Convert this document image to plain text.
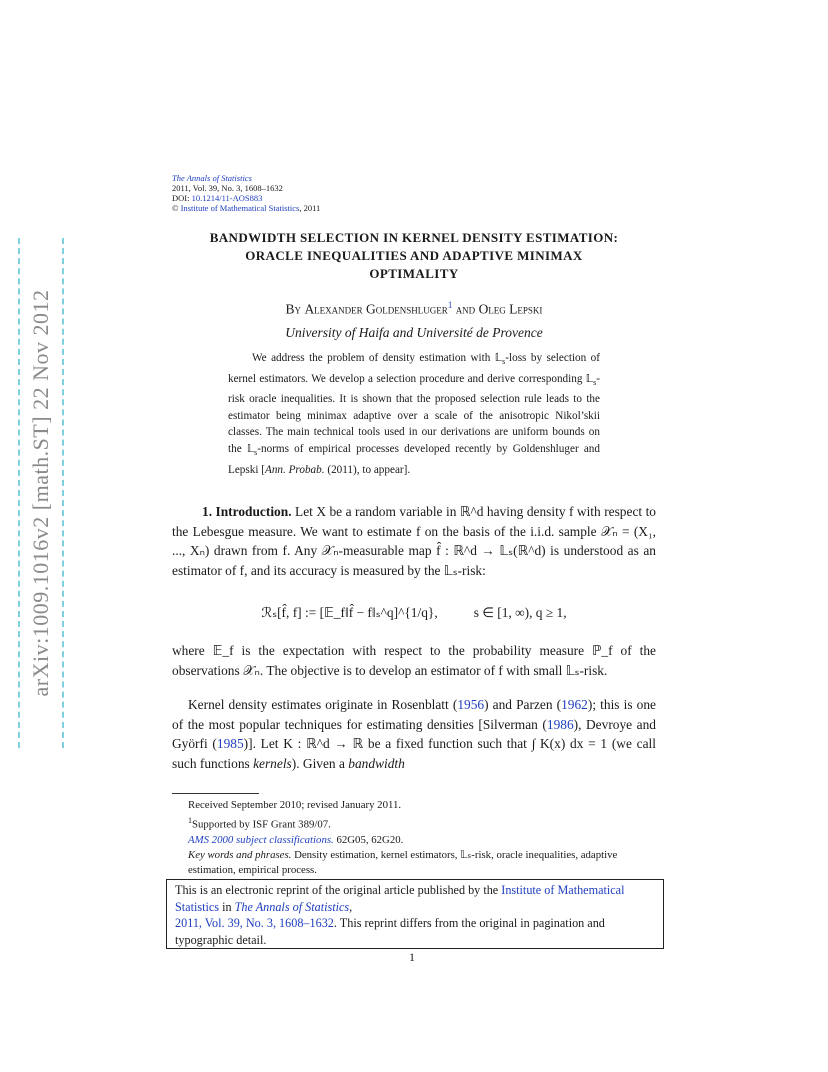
arXiv:1009.1016v2 [math.ST] 22 Nov 2012
The Annals of Statistics
2011, Vol. 39, No. 3, 1608–1632
DOI: 10.1214/11-AOS883
© Institute of Mathematical Statistics, 2011
BANDWIDTH SELECTION IN KERNEL DENSITY ESTIMATION:
ORACLE INEQUALITIES AND ADAPTIVE MINIMAX
OPTIMALITY
By Alexander Goldenshluger$^1$ and Oleg Lepski
University of Haifa and Université de Provence
We address the problem of density estimation with 𝕃$_s$-loss by selection of kernel estimators. We develop a selection procedure and derive corresponding 𝕃$_s$-risk oracle inequalities. It is shown that the proposed selection rule leads to the estimator being minimax adaptive over a scale of the anisotropic Nikol’skii classes. The main technical tools used in our derivations are uniform bounds on the 𝕃$_s$-norms of empirical processes developed recently by Goldenshluger and Lepski [Ann. Probab. (2011), to appear].
1. Introduction. Let X be a random variable in ℝ^d having density f with respect to the Lebesgue measure. We want to estimate f on the basis of the i.i.d. sample 𝒳ₙ = (X₁, ..., Xₙ) drawn from f. Any 𝒳ₙ-measurable map f̂ : ℝ^d → 𝕃ₛ(ℝ^d) is understood as an estimator of f, and its accuracy is measured by the 𝕃ₛ-risk:
ℛₛ[f̂, f] := [𝔼_f‖f̂ − f‖ₛ^q]^{1/q},	s ∈ [1, ∞), q ≥ 1,
where 𝔼_f is the expectation with respect to the probability measure ℙ_f of the observations 𝒳ₙ. The objective is to develop an estimator of f with small 𝕃ₛ-risk.
Kernel density estimates originate in Rosenblatt (1956) and Parzen (1962); this is one of the most popular techniques for estimating densities [Silverman (1986), Devroye and Györfi (1985)]. Let K : ℝ^d → ℝ be a fixed function such that ∫ K(x) dx = 1 (we call such functions kernels). Given a bandwidth
Received September 2010; revised January 2011.
$^1$Supported by ISF Grant 389/07.
AMS 2000 subject classifications. 62G05, 62G20.
Key words and phrases. Density estimation, kernel estimators, 𝕃ₛ-risk, oracle inequalities, adaptive estimation, empirical process.
This is an electronic reprint of the original article published by the Institute of Mathematical Statistics in The Annals of Statistics,
2011, Vol. 39, No. 3, 1608–1632. This reprint differs from the original in pagination and typographic detail.
1
